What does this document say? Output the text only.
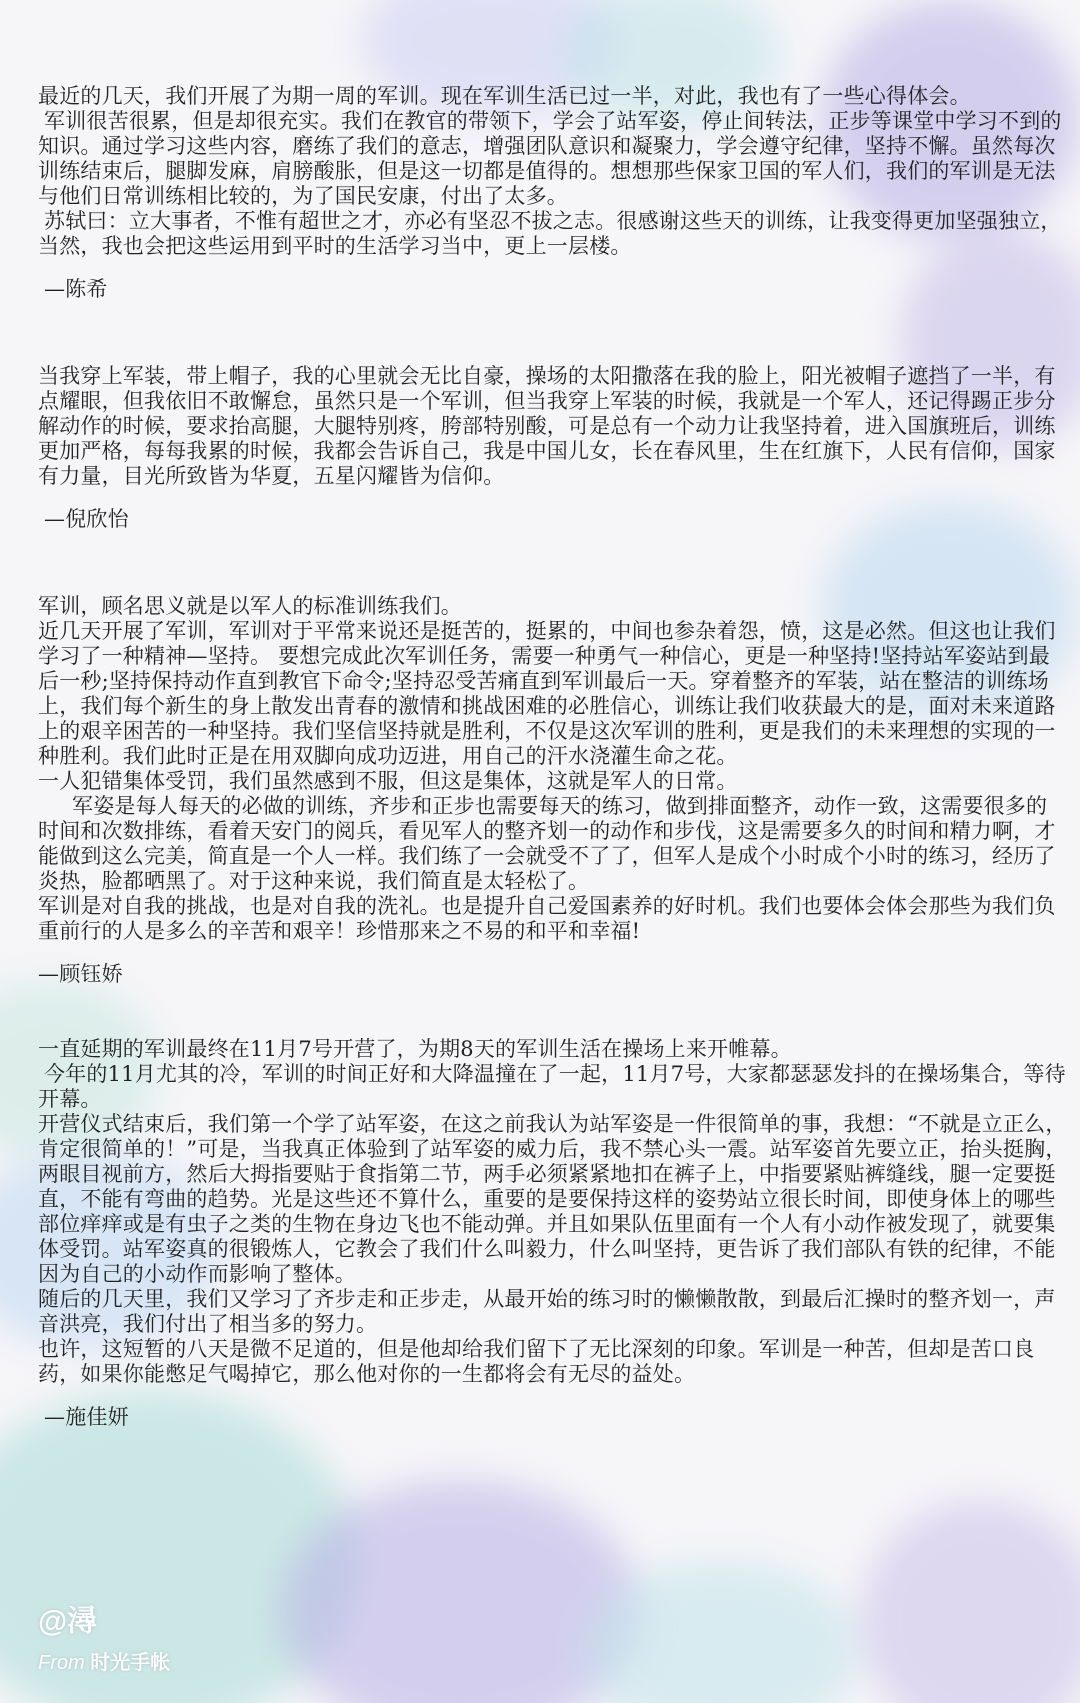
最近的几天，我们开展了为期一周的军训。现在军训生活已过一半，对此，我也有了一些心得体会。

军训很苦很累，但是却很充实。我们在教官的带领下，学会了站军姿，停止间转法，正步等课堂中学习不到的知识。通过学习这些内容，磨练了我们的意志，增强团队意识和凝聚力，学会遵守纪律，坚持不懈。虽然每次训练结束后，腿脚发麻，肩膀酸胀，但是这一切都是值得的。想想那些保家卫国的军人们，我们的军训是无法与他们日常训练相比较的，为了国民安康，付出了太多。

苏轼曰：立大事者，不惟有超世之才，亦必有坚忍不拔之志。很感谢这些天的训练，让我变得更加坚强独立，当然，我也会把这些运用到平时的生活学习当中，更上一层楼。

—陈希

当我穿上军装，带上帽子，我的心里就会无比自豪，操场的太阳撒落在我的脸上，阳光被帽子遮挡了一半，有点耀眼，但我依旧不敢懈怠，虽然只是一个军训，但当我穿上军装的时候，我就是一个军人，还记得踢正步分解动作的时候，要求抬高腿，大腿特别疼，胯部特别酸，可是总有一个动力让我坚持着，进入国旗班后，训练更加严格，每每我累的时候，我都会告诉自己，我是中国儿女，长在春风里，生在红旗下，人民有信仰，国家有力量，目光所致皆为华夏，五星闪耀皆为信仰。

—倪欣怡

军训，顾名思义就是以军人的标准训练我们。

近几天开展了军训，军训对于平常来说还是挺苦的，挺累的，中间也参杂着怨，愤，这是必然。但这也让我们学习了一种精神—坚持。 要想完成此次军训任务，需要一种勇气一种信心，更是一种坚持!坚持站军姿站到最后一秒;坚持保持动作直到教官下命令;坚持忍受苦痛直到军训最后一天。穿着整齐的军装，站在整洁的训练场上，我们每个新生的身上散发出青春的激情和挑战困难的必胜信心，训练让我们收获最大的是，面对未来道路上的艰辛困苦的一种坚持。我们坚信坚持就是胜利，不仅是这次军训的胜利，更是我们的未来理想的实现的一种胜利。我们此时正是在用双脚向成功迈进，用自己的汗水浇灌生命之花。

一人犯错集体受罚，我们虽然感到不服，但这是集体，这就是军人的日常。

军姿是每人每天的必做的训练，齐步和正步也需要每天的练习，做到排面整齐，动作一致，这需要很多的时间和次数排练，看着天安门的阅兵，看见军人的整齐划一的动作和步伐，这是需要多久的时间和精力啊，才能做到这么完美，简直是一个人一样。我们练了一会就受不了了，但军人是成个小时成个小时的练习，经历了炎热，脸都晒黑了。对于这种来说，我们简直是太轻松了。

军训是对自我的挑战，也是对自我的洗礼。也是提升自己爱国素养的好时机。我们也要体会体会那些为我们负重前行的人是多么的辛苦和艰辛！珍惜那来之不易的和平和幸福!

—顾钰娇

一直延期的军训最终在11月7号开营了，为期8天的军训生活在操场上来开帷幕。

今年的11月尤其的冷，军训的时间正好和大降温撞在了一起，11月7号，大家都瑟瑟发抖的在操场集合，等待开幕。

开营仪式结束后，我们第一个学了站军姿，在这之前我认为站军姿是一件很简单的事，我想：“不就是立正么，肯定很简单的！”可是，当我真正体验到了站军姿的威力后，我不禁心头一震。站军姿首先要立正，抬头挺胸，两眼目视前方，然后大拇指要贴于食指第二节，两手必须紧紧地扣在裤子上，中指要紧贴裤缝线，腿一定要挺直，不能有弯曲的趋势。光是这些还不算什么，重要的是要保持这样的姿势站立很长时间，即使身体上的哪些部位痒痒或是有虫子之类的生物在身边飞也不能动弹。并且如果队伍里面有一个人有小动作被发现了，就要集体受罚。站军姿真的很锻炼人，它教会了我们什么叫毅力，什么叫坚持，更告诉了我们部队有铁的纪律，不能因为自己的小动作而影响了整体。

随后的几天里，我们又学习了齐步走和正步走，从最开始的练习时的懒懒散散，到最后汇操时的整齐划一，声音洪亮，我们付出了相当多的努力。

也许，这短暂的八天是微不足道的，但是他却给我们留下了无比深刻的印象。军训是一种苦，但却是苦口良药，如果你能憋足气喝掉它，那么他对你的一生都将会有无尽的益处。

—施佳妍

@潯
From 时光手帐
